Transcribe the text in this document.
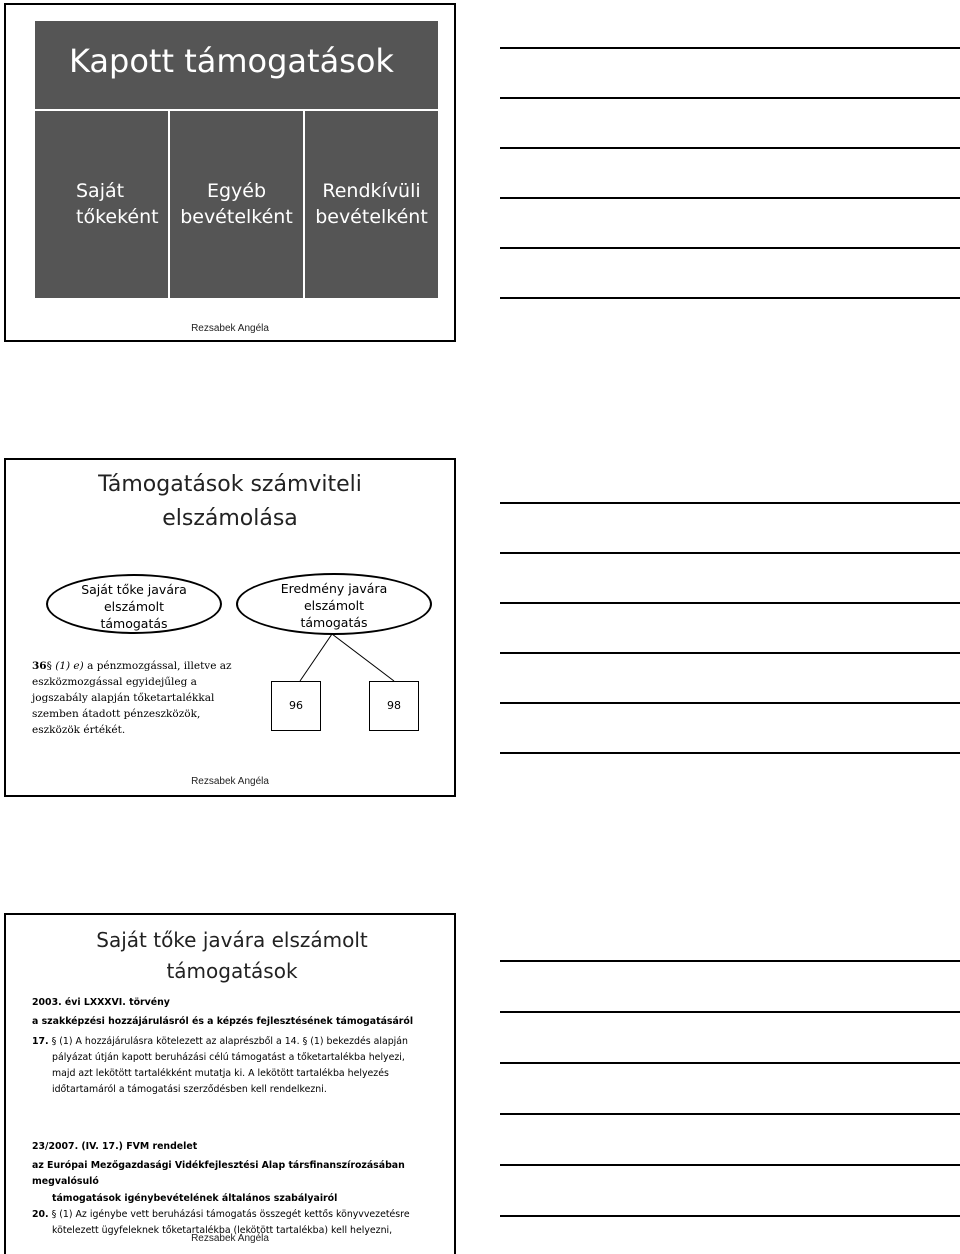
Kapott támogatások
Saját
tőkeként
Egyéb
bevételként
Rendkívüli
bevételként
Rezsabek Angéla
Támogatások számviteli
elszámolása
Saját tőke javára
elszámolt
támogatás
Eredmény javára
elszámolt
támogatás
36§ (1) e) a pénzmozgással, illetve az eszközmozgással egyidejűleg a jogszabály alapján tőketartalékkal szemben átadott pénzeszközök, eszközök értékét.
96	98
Rezsabek Angéla
Saját tőke javára elszámolt
támogatások

2003. évi LXXXVI. törvény

a szakképzési hozzájárulásról és a képzés fejlesztésének támogatásáról

17. § (1) A hozzájárulásra kötelezett az alaprészből a 14. § (1) bekezdés alapján

pályázat útján kapott beruházási célú támogatást a tőketartalékba helyezi,

majd azt lekötött tartalékként mutatja ki. A lekötött tartalékba helyezés

időtartamáról a támogatási szerződésben kell rendelkezni.

23/2007. (IV. 17.) FVM rendelet

az Európai Mezőgazdasági Vidékfejlesztési Alap társfinanszírozásában megvalósuló

támogatások igénybevételének általános szabályairól

20. § (1) Az igénybe vett beruházási támogatás összegét kettős könyvvezetésre

kötelezett ügyfeleknek tőketartalékba (lekötött tartalékba) kell helyezni,

Rezsabek Angéla
